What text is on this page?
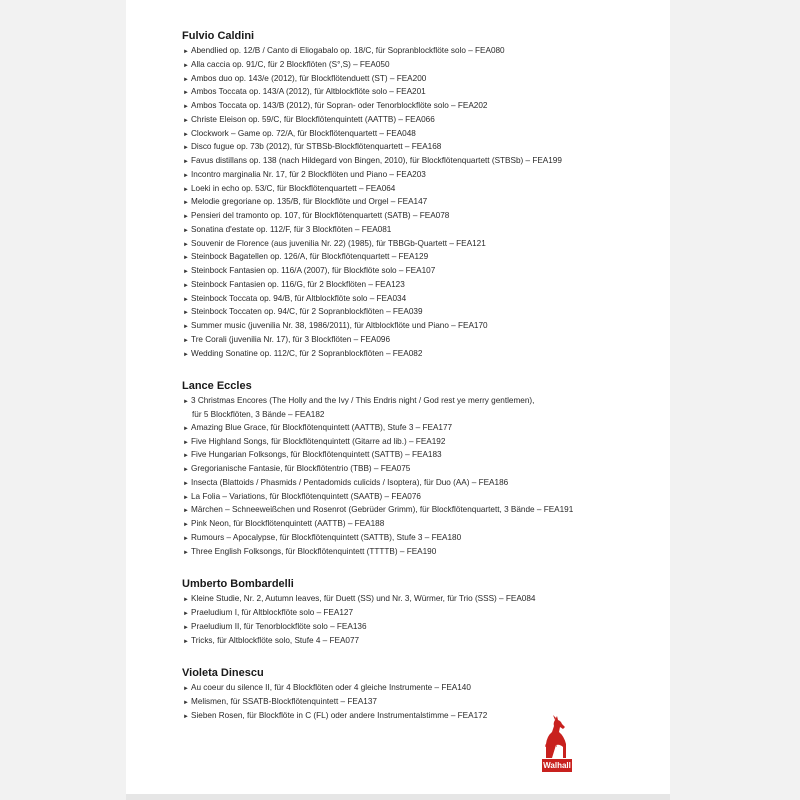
Fulvio Caldini
► Abendlied op. 12/B / Canto di Eliogabalo op. 18/C, für Sopranblockflöte solo – FEA080
► Alla caccia op. 91/C, für 2 Blockflöten (S°,S) – FEA050
► Ambos duo op. 143/e (2012), für Blockflötenduett (ST) – FEA200
► Ambos Toccata op. 143/A (2012), für Altblockflöte solo – FEA201
► Ambos Toccata op. 143/B (2012), für Sopran- oder Tenorblockflöte solo – FEA202
► Christe Eleison op. 59/C, für Blockflötenquintett (AATTB) – FEA066
► Clockwork – Game op. 72/A, für Blockflötenquartett – FEA048
► Disco fugue op. 73b (2012), für STBSb-Blockflötenquartett – FEA168
► Favus distillans op. 138 (nach Hildegard von Bingen, 2010), für Blockflötenquartett (STBSb) – FEA199
► Incontro marginalia Nr. 17, für 2 Blockflöten und Piano – FEA203
► Loeki in echo op. 53/C, für Blockflötenquartett – FEA064
► Melodie gregoriane op. 135/B, für Blockflöte und Orgel – FEA147
► Pensieri del tramonto op. 107, für Blockflötenquartett (SATB) – FEA078
► Sonatina d'estate op. 112/F, für 3 Blockflöten – FEA081
► Souvenir de Florence (aus juvenilia Nr. 22) (1985), für TBBGb-Quartett – FEA121
► Steinbock Bagatellen op. 126/A, für Blockflötenquartett – FEA129
► Steinbock Fantasien op. 116/A (2007), für Blockflöte solo – FEA107
► Steinbock Fantasien op. 116/G, für 2 Blockflöten – FEA123
► Steinbock Toccata op. 94/B, für Altblockflöte solo – FEA034
► Steinbock Toccaten op. 94/C, für 2 Sopranblockflöten – FEA039
► Summer music (juvenilia Nr. 38, 1986/2011), für Altblockflöte und Piano – FEA170
► Tre Corali (juvenilia Nr. 17), für 3 Blockflöten – FEA096
► Wedding Sonatine op. 112/C, für 2 Sopranblockflöten – FEA082
Lance Eccles
► 3 Christmas Encores (The Holly and the Ivy / This Endris night / God rest ye merry gentlemen),
für 5 Blockflöten, 3 Bände – FEA182
► Amazing Blue Grace, für Blockflötenquintett (AATTB), Stufe 3 – FEA177
► Five Highland Songs, für Blockflötenquintett (Gitarre ad lib.) – FEA192
► Five Hungarian Folksongs, für Blockflötenquintett (SATTB) – FEA183
► Gregorianische Fantasie, für Blockflötentrio (TBB) – FEA075
► Insecta (Blattoids / Phasmids / Pentadomids culicids / Isoptera), für Duo (AA) – FEA186
► La Folia – Variations, für Blockflötenquintett (SAATB) – FEA076
► Märchen – Schneeweißchen und Rosenrot (Gebrüder Grimm), für Blockflötenquartett, 3 Bände – FEA191
► Pink Neon, für Blockflötenquintett (AATTB) – FEA188
► Rumours – Apocalypse, für Blockflötenquintett (SATTB), Stufe 3 – FEA180
► Three English Folksongs, für Blockflötenquintett (TTTTB) – FEA190
Umberto Bombardelli
► Kleine Studie, Nr. 2, Autumn leaves, für Duett (SS) und Nr. 3, Würmer, für Trio (SSS) – FEA084
► Praeludium I, für Altblockflöte solo – FEA127
► Praeludium II, für Tenorblockflöte solo – FEA136
► Tricks, für Altblockflöte solo, Stufe 4 – FEA077
Violeta Dinescu
► Au coeur du silence II, für 4 Blockflöten oder 4 gleiche Instrumente – FEA140
► Melismen, für SSATB-Blockflötenquintett – FEA137
► Sieben Rosen, für Blockflöte in C (FL) oder andere Instrumentalstimme – FEA172
Edition
Walhall
